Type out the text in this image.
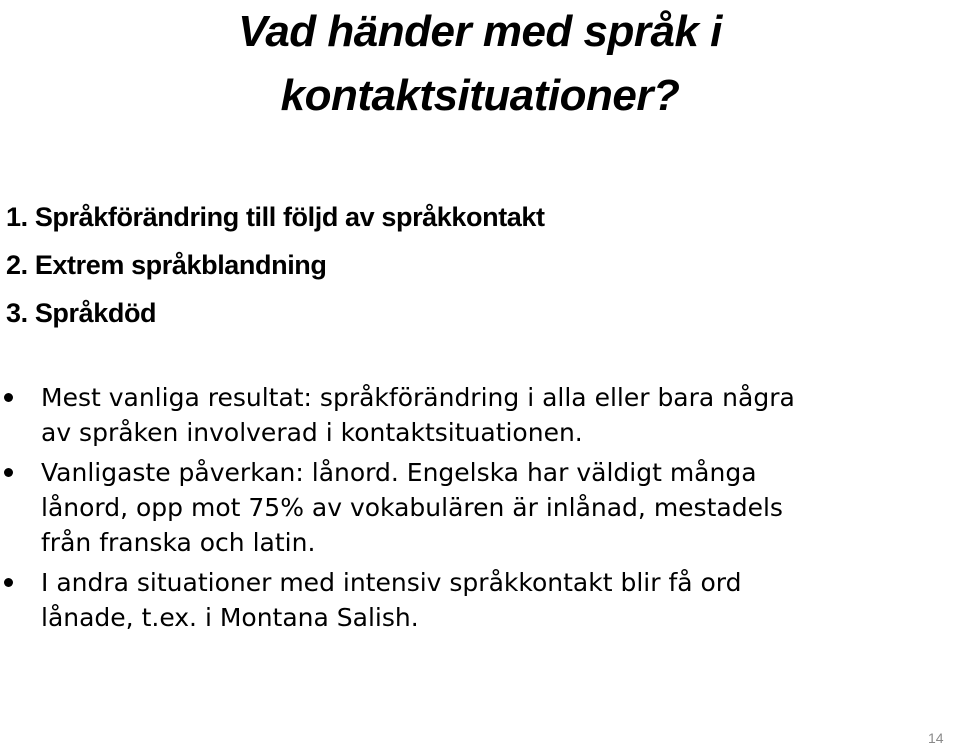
Vad händer med språk i
kontaktsituationer?
1. Språkförändring till följd av språkkontakt
2. Extrem språkblandning
3. Språkdöd
Mest vanliga resultat: språkförändring i alla eller bara några
av språken involverad i kontaktsituationen.
Vanligaste påverkan: lånord. Engelska har väldigt många
lånord, opp mot 75% av vokabulären är inlånad, mestadels
från franska och latin.
I andra situationer med intensiv språkkontakt blir få ord
lånade, t.ex. i Montana Salish.
14
